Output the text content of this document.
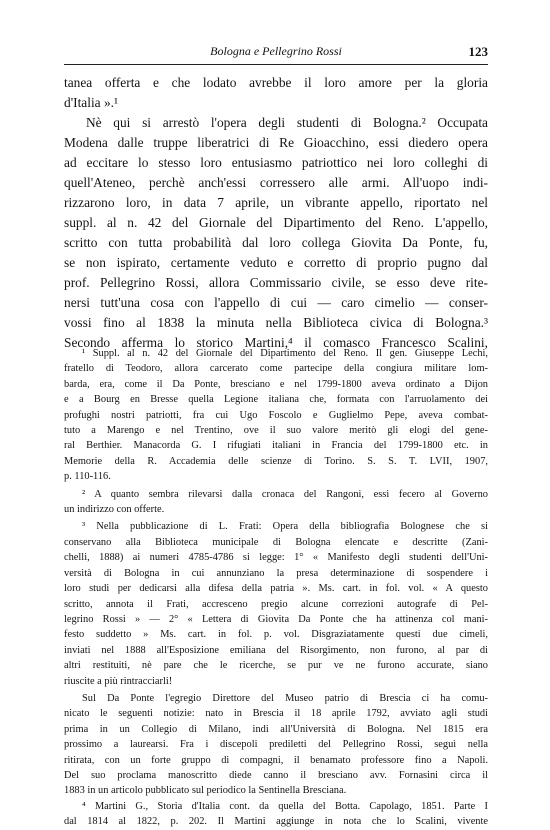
Bologna e Pellegrino Rossi	123

tanea offerta e che lodato avrebbe il loro amore per la gloria

d'Italia ».¹

Nè qui si arrestò l'opera degli studenti di Bologna.² Occupata

Modena dalle truppe liberatrici di Re Gioacchino, essi diedero opera

ad eccitare lo stesso loro entusiasmo patriottico nei loro colleghi di

quell'Ateneo, perchè anch'essi corressero alle armi. All'uopo indi-

rizzarono loro, in data 7 aprile, un vibrante appello, riportato nel

suppl. al n. 42 del Giornale del Dipartimento del Reno. L'appello,

scritto con tutta probabilità dal loro collega Giovita Da Ponte, fu,

se non ispirato, certamente veduto e corretto di proprio pugno dal

prof. Pellegrino Rossi, allora Commissario civile, se esso deve rite-

nersi tutt'una cosa con l'appello di cui — caro cimelio — conser-

vossi fino al 1838 la minuta nella Biblioteca civica di Bologna.³

Secondo afferma lo storico Martini,⁴ il comasco Francesco Scalini,

¹ Suppl. al n. 42 del Giornale del Dipartimento del Reno. Il gen. Giuseppe Lechi,

fratello di Teodoro, allora carcerato come partecipe della congiura militare lom-

barda, era, come il Da Ponte, bresciano e nel 1799-1800 aveva ordinato a Dijon

e a Bourg en Bresse quella Legione italiana che, formata con l'arruolamento dei

profughi nostri patriotti, fra cui Ugo Foscolo e Guglielmo Pepe, aveva combat-

tuto a Marengo e nel Trentino, ove il suo valore meritò gli elogi del gene-

ral Berthier. Manacorda G. I rifugiati italiani in Francia del 1799-1800 etc. in

Memorie della R. Accademia delle scienze di Torino. S. S. T. LVII, 1907,

p. 110-116.

² A quanto sembra rilevarsi dalla cronaca del Rangoni, essi fecero al Governo

un indirizzo con offerte.

³ Nella pubblicazione di L. Frati: Opera della bibliografia Bolognese che si

conservano alla Biblioteca municipale di Bologna elencate e descritte (Zani-

chelli, 1888) ai numeri 4785-4786 si legge: 1° « Manifesto degli studenti dell'Uni-

versità di Bologna in cui annunziano la presa determinazione di sospendere i

loro studi per dedicarsi alla difesa della patria ». Ms. cart. in fol. vol. « A questo

scritto, annota il Frati, accresceno pregio alcune correzioni autografe di Pel-

legrino Rossi » — 2° « Lettera di Giovita Da Ponte che ha attinenza col mani-

festo suddetto » Ms. cart. in fol. p. vol. Disgraziatamente questi due cimeli,

inviati nel 1888 all'Esposizione emiliana del Risorgimento, non furono, al par di

altri restituiti, nè pare che le ricerche, se pur ve ne furono accurate, siano

riuscite a più rintracciarli!

Sul Da Ponte l'egregio Direttore del Museo patrio di Brescia ci ha comu-

nicato le seguenti notizie: nato in Brescia il 18 aprile 1792, avviato agli studi

prima in un Collegio di Milano, indi all'Università di Bologna. Nel 1815 era

prossimo a laurearsi. Fra i discepoli prediletti del Pellegrino Rossi, seguì nella

ritirata, con un forte gruppo di compagni, il benamato professore fino a Napoli.

Del suo proclama manoscritto diede canno il bresciano avv. Fornasini circa il

1883 in un articolo pubblicato sul periodico la Sentinella Bresciana.

⁴ Martini G., Storia d'Italia cont. da quella del Botta. Capolago, 1851. Parte I

dal 1814 al 1822, p. 202. Il Martini aggiunge in nota che lo Scalini, vivente
